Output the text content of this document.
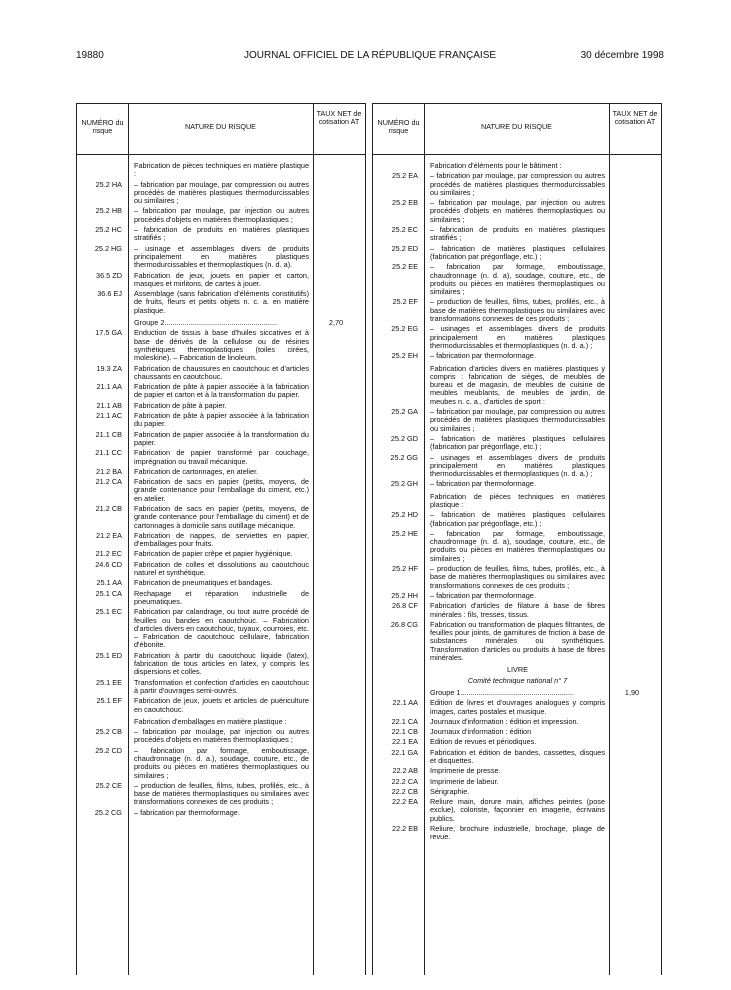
19880	JOURNAL OFFICIEL DE LA RÉPUBLIQUE FRANÇAISE	30 décembre 1998
NUMÉRO du risque	NATURE DU RISQUE
TAUX NET de cotisation AT
Fabrication de pièces techniques en matière plastique :
25.2 HA	– fabrication par moulage, par compression ou autres procédés de matières plastiques thermodurcissables ou similaires ;
25.2 HB	– fabrication par moulage, par injection ou autres procédés d'objets en matières thermoplastiques ;
25.2 HC	– fabrication de produits en matières plastiques stratifiés ;
25.2 HG	– usinage et assemblages divers de produits principalement en matières plastiques thermodurcissables et thermoplastiques (n. d. a).
36.5 ZD	Fabrication de jeux, jouets en papier et carton, masques et mirlitons, de cartes à jouer.
36.6 EJ	Assemblage (sans fabrication d'éléments constitutifs) de fruits, fleurs et petits objets n. c. a. en matière plastique.
Groupe 2........................................................	2,70
17.5 GA	Enduction de tissus à base d'huiles siccatives et à base de dérivés de la cellulose ou de résines synthétiques thermoplastiques (toiles cirées, moleskine). – Fabrication de linoleum.
19.3 ZA	Fabrication de chaussures en caoutchouc et d'articles chaussants en caoutchouc.
21.1 AA	Fabrication de pâte à papier associée à la fabrication de papier et carton et à la transformation du papier.
21.1 AB	Fabrication de pâte à papier.
21.1 AC	Fabrication de pâte à papier associée à la fabrication du papier.
21.1 CB	Fabrication de papier associée à la transformation du papier.
21.1 CC	Fabrication de papier transformé par couchage, imprégnation ou travail mécanique.
21.2 BA	Fabrication de cartonnages, en atelier.
21.2 CA	Fabrication de sacs en papier (petits, moyens, de grande contenance pour l'emballage du ciment, etc.) en atelier.
21.2 CB	Fabrication de sacs en papier (petits, moyens, de grande contenance pour l'emballage du ciment) et de cartonnages à domicile sans outillage mécanique.
21.2 EA	Fabrication de nappes, de serviettes en papier, d'emballages pour fruits.
21.2 EC	Fabrication de papier crêpe et papier hygiénique.
24.6 CD	Fabrication de colles et dissolutions au caoutchouc naturel et synthétique.
25.1 AA	Fabrication de pneumatiques et bandages.
25.1 CA	Rechapage et réparation industrielle de pneumatiques.
25.1 EC	Fabrication par calandrage, ou tout autre procédé de feuilles ou bandes en caoutchouc. – Fabrication d'articles divers en caoutchouc, tuyaux, courroies, etc. – Fabrication de caoutchouc cellulaire, fabrication d'ébonite.
25.1 ED	Fabrication à partir du caoutchouc liquide (latex), fabrication de tous articles en latex, y compris les dispersions et colles.
25.1 EE	Transformation et confection d'articles en caoutchouc à partir d'ouvrages semi-ouvrés.
25.1 EF	Fabrication de jeux, jouets et articles de puériculture en caoutchouc.
Fabrication d'emballages en matière plastique :
25.2 CB	– fabrication par moulage, par injection ou autres procédés d'objets en matières thermoplastiques ;
25.2 CD	– fabrication par formage, emboutissage, chaudronnage (n. d. a.), soudage, couture, etc., de produits ou pièces en matières thermoplastiques ou similaires ;
25.2 CE	– production de feuilles, films, tubes, profilés, etc., à base de matières thermoplastiques ou similaires avec transformations connexes de ces produits ;
25.2 CG	– fabrication par thermoformage.
NUMÉRO du risque	NATURE DU RISQUE
TAUX NET de cotisation AT
Fabrication d'éléments pour le bâtiment :
25.2 EA	– fabrication par moulage, par compression ou autres procédés de matières plastiques thermodurcissables ou similaires ;
25.2 EB	– fabrication par moulage, par injection ou autres procédés d'objets en matières thermoplastiques ou similaires ;
25.2 EC	– fabrication de produits en matières plastiques stratifiés ;
25.2 ED	– fabrication de matières plastiques cellulaires (fabrication par prégonflage, etc.) ;
25.2 EE	– fabrication par formage, emboutissage, chaudronnage (n. d. a), soudage, couture, etc., de produits ou pièces en matières thermoplastiques ou similaires ;
25.2 EF	– production de feuilles, films, tubes, profilés, etc., à base de matières thermoplastiques ou similaires avec transformations connexes de ces produits ;
25.2 EG	– usinages et assemblages divers de produits principalement en matières plastiques thermodurcissables et thermoplastiques (n. d. a.) ;
25.2 EH	– fabrication par thermoformage.
Fabrication d'articles divers en matières plastiques y compris : fabrication de sièges, de meubles de bureau et de magasin, de meubles de cuisine de meubles meublants, de meubles de jardin, de meubes n. c. a., d'articles de sport :
25.2 GA	– fabrication par moulage, par compression ou autres procédés de matières plastiques thermodurcissables ou similaires ;
25.2 GD	– fabrication de matières plastiques cellulaires (fabrication par prégonflage, etc.) ;
25.2 GG	– usinages et assemblages divers de produits principalement en matières plastiques thermodurcissables et thermoplastiques (n. d. a.) ;
25.2 GH	– fabrication par thermoformage.
Fabrication de pièces techniques en matières plastique :
25.2 HD	– fabrication de matières plastiques cellulaires (fabrication par prégonflage, etc.) ;
25.2 HE	– fabrication par formage, emboutissage, chaudronnage (n. d. a), soudage, couture, etc., de produits ou pièces en matières thermoplastiques ou similaires ;
25.2 HF	– production de feuilles, films, tubes, profilés, etc., à base de matières thermoplastiques ou similaires avec transformations connexes de ces produits ;
25.2 HH	– fabrication par thermoformage.
26.8 CF	Fabrication d'articles de filature à base de fibres minérales : fils, tresses, tissus.
26.8 CG	Fabrication ou transformation de plaques filtrantes, de feuilles pour joints, de garnitures de friction à base de substances minérales ou synthétiques. Transformation d'articles ou produits à base de fibres minérales.
LIVRE
Comité technique national n° 7
Groupe 1........................................................	1,90
22.1 AA	Edition de livres et d'ouvrages analogues y compris images, cartes postales et musique.
22.1 CA	Journaux d'information : édition et impression.
22.1 CB	Journaux d'information : édition
22.1 EA	Edition de revues et périodiques.
22.1 GA	Fabrication et édition de bandes, cassettes, disques et disquettes.
22.2 AB	Imprimerie de presse.
22.2 CA	Imprimerie de labeur.
22.2 CB	Sérigraphie.
22.2 EA	Reliure main, dorure main, affiches peintes (pose exclue), coloriste, façonnier en imagerie, écrivains publics.
22.2 EB	Reliure, brochure industrielle, brochage, pliage de revue.
